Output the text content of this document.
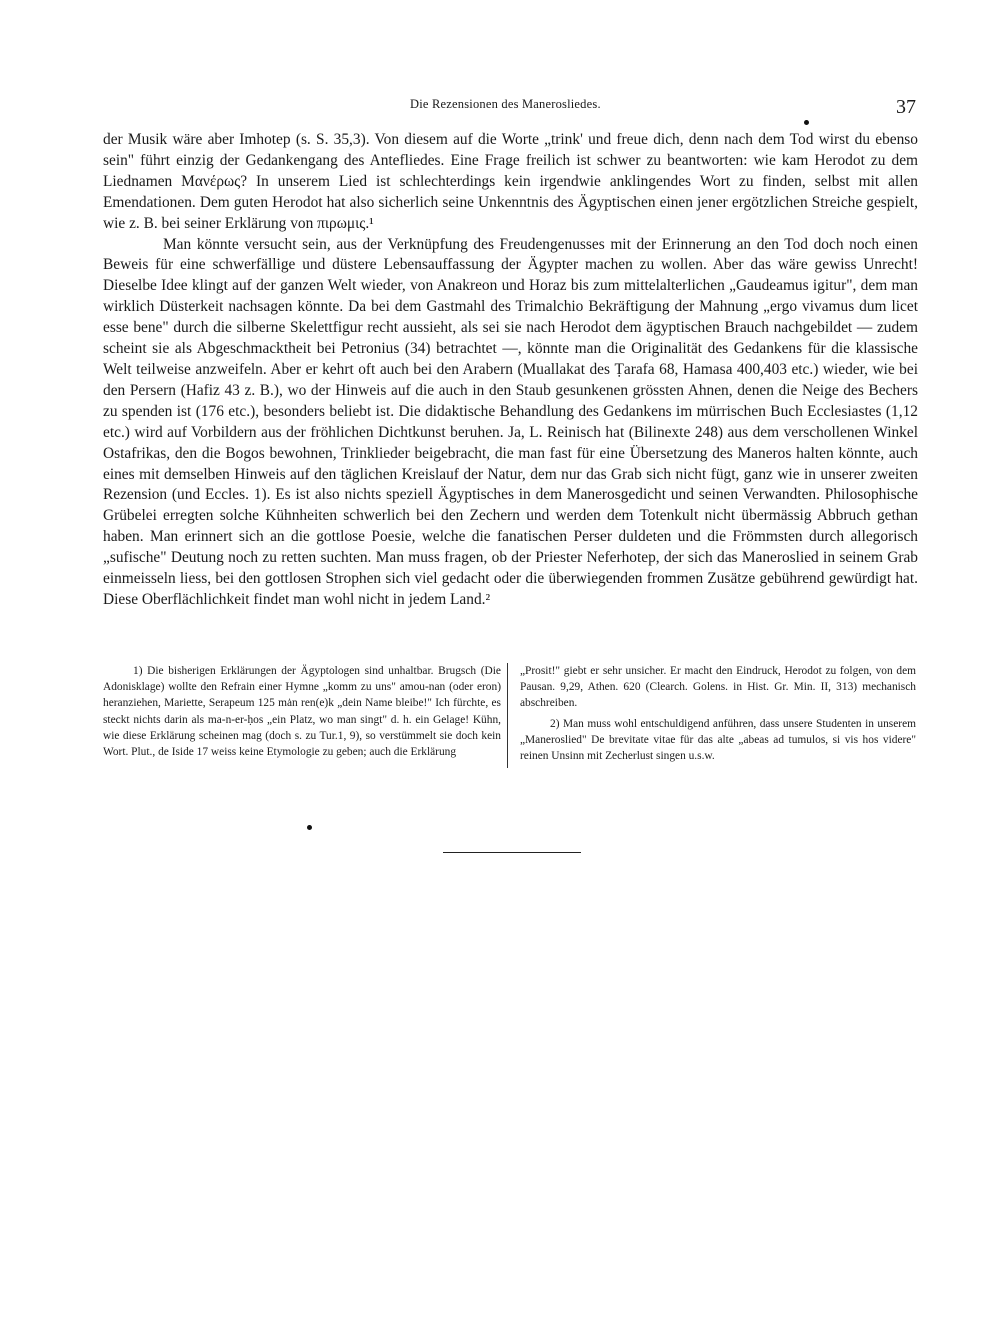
Die Rezensionen des Manerosliedes.	37

der Musik wäre aber Imhotep (s. S. 35,3). Von diesem auf die Worte „trink' und freue dich, denn nach dem Tod wirst du ebenso sein" führt einzig der Gedankengang des Antefliedes. Eine Frage freilich ist schwer zu beantworten: wie kam Herodot zu dem Liednamen Μανέρως? In unserem Lied ist schlechterdings kein irgendwie anklingendes Wort zu finden, selbst mit allen Emendationen. Dem guten Herodot hat also sicherlich seine Unkenntnis des Ägyptischen einen jener ergötzlichen Streiche gespielt, wie z. B. bei seiner Erklärung von πιρωμις.¹

Man könnte versucht sein, aus der Verknüpfung des Freudengenusses mit der Erinnerung an den Tod doch noch einen Beweis für eine schwerfällige und düstere Lebensauffassung der Ägypter machen zu wollen. Aber das wäre gewiss Unrecht! Dieselbe Idee klingt auf der ganzen Welt wieder, von Anakreon und Horaz bis zum mittelalterlichen „Gaudeamus igitur", dem man wirklich Düsterkeit nachsagen könnte. Da bei dem Gastmahl des Trimalchio Bekräftigung der Mahnung „ergo vivamus dum licet esse bene" durch die silberne Skelettfigur recht aussieht, als sei sie nach Herodot dem ägyptischen Brauch nachgebildet — zudem scheint sie als Abgeschmacktheit bei Petronius (34) betrachtet —, könnte man die Originalität des Gedankens für die klassische Welt teilweise anzweifeln. Aber er kehrt oft auch bei den Arabern (Muallakat des Ṭarafa 68, Hamasa 400,403 etc.) wieder, wie bei den Persern (Hafiz 43 z. B.), wo der Hinweis auf die auch in den Staub gesunkenen grössten Ahnen, denen die Neige des Bechers zu spenden ist (176 etc.), besonders beliebt ist. Die didaktische Behandlung des Gedankens im mürrischen Buch Ecclesiastes (1,12 etc.) wird auf Vorbildern aus der fröhlichen Dichtkunst beruhen. Ja, L. Reinisch hat (Bilinexte 248) aus dem verschollenen Winkel Ostafrikas, den die Bogos bewohnen, Trinklieder beigebracht, die man fast für eine Übersetzung des Maneros halten könnte, auch eines mit demselben Hinweis auf den täglichen Kreislauf der Natur, dem nur das Grab sich nicht fügt, ganz wie in unserer zweiten Rezension (und Eccles. 1). Es ist also nichts speziell Ägyptisches in dem Manerosgedicht und seinen Verwandten. Philosophische Grübelei erregten solche Kühnheiten schwerlich bei den Zechern und werden dem Totenkult nicht übermässig Abbruch gethan haben. Man erinnert sich an die gottlose Poesie, welche die fanatischen Perser duldeten und die Frömmsten durch allegorisch „sufische" Deutung noch zu retten suchten. Man muss fragen, ob der Priester Neferhotep, der sich das Maneroslied in seinem Grab einmeisseln liess, bei den gottlosen Strophen sich viel gedacht oder die überwiegenden frommen Zusätze gebührend gewürdigt hat. Diese Oberflächlichkeit findet man wohl nicht in jedem Land.²

1) Die bisherigen Erklärungen der Ägyptologen sind unhaltbar. Brugsch (Die Adonisklage) wollte den Refrain einer Hymne „komm zu uns" amou-nan (oder eron) heranziehen, Mariette, Serapeum 125 mȧn ren(e)k „dein Name bleibe!" Ich fürchte, es steckt nichts darin als ma-n-er-ḥos „ein Platz, wo man singt" d. h. ein Gelage! Kühn, wie diese Erklärung scheinen mag (doch s. zu Tur.1, 9), so verstümmelt sie doch kein Wort. Plut., de Iside 17 weiss keine Etymologie zu geben; auch die Erklärung

„Prosit!" giebt er sehr unsicher. Er macht den Eindruck, Herodot zu folgen, von dem Pausan. 9,29, Athen. 620 (Clearch. Golens. in Hist. Gr. Min. II, 313) mechanisch abschreiben.

2) Man muss wohl entschuldigend anführen, dass unsere Studenten in unserem „Maneroslied" De brevitate vitae für das alte „abeas ad tumulos, si vis hos videre" reinen Unsinn mit Zecherlust singen u.s.w.
